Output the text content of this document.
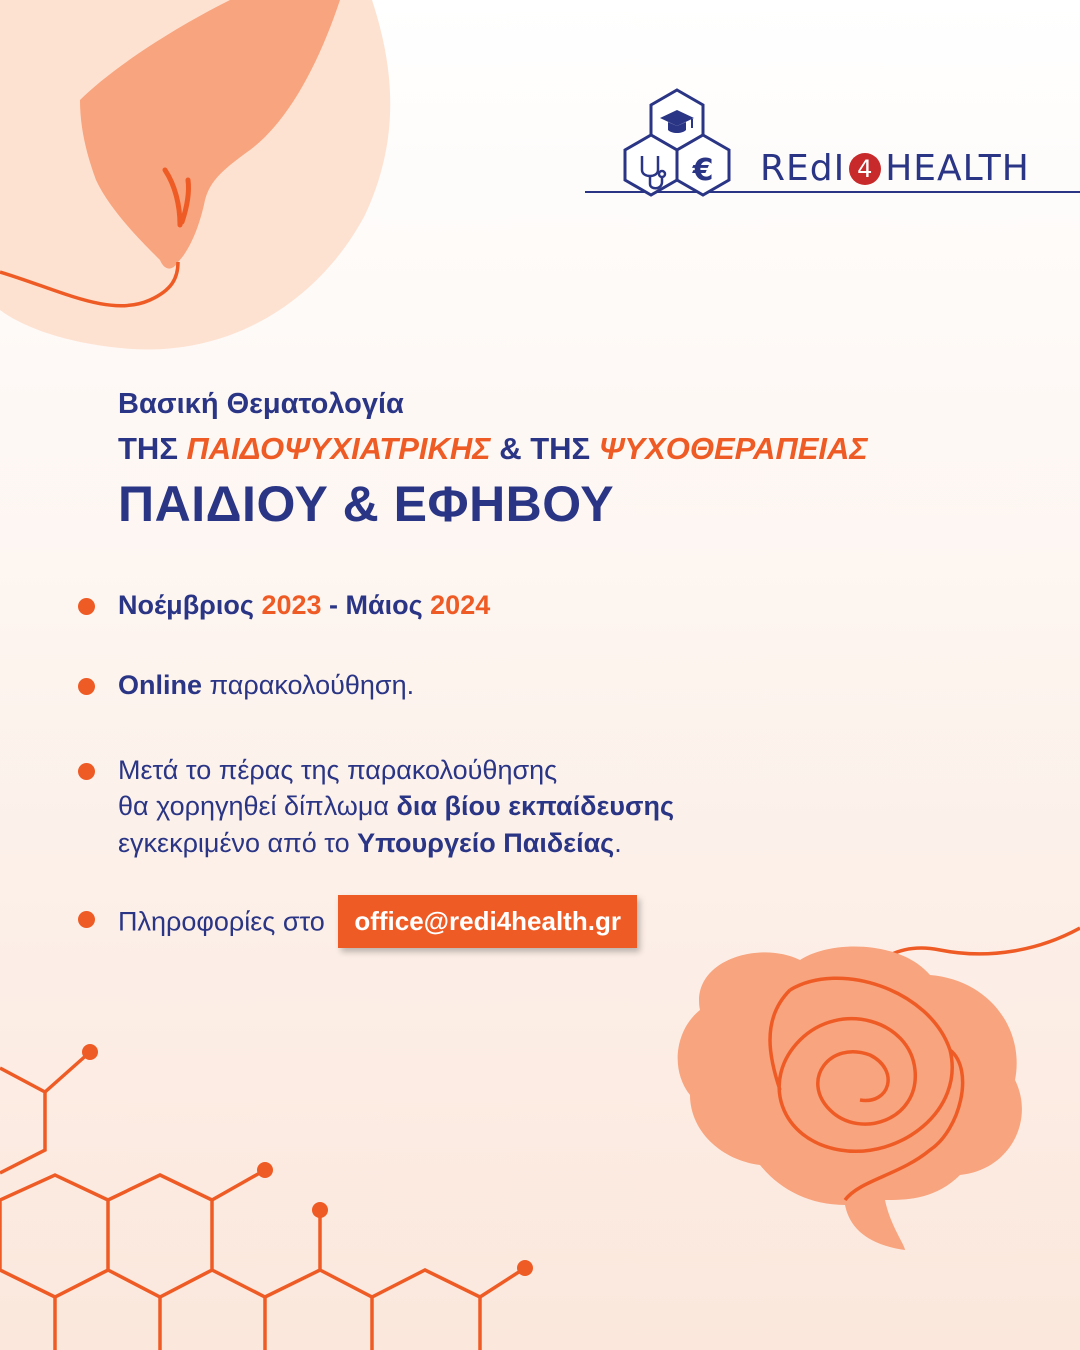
€ REdI 4 HEALTH
Βασική Θεματολογία
ΤΗΣ ΠΑΙΔΟΨΥΧΙΑΤΡΙΚΗΣ & ΤΗΣ ΨΥΧΟΘΕΡΑΠΕΙΑΣ
ΠΑΙΔΙΟΥ & ΕΦΗΒΟΥ
Νοέμβριος 2023 - Μάιος 2024
Online παρακολούθηση.
Μετά το πέρας της παρακολούθησης
θα χορηγηθεί δίπλωμα δια βίου εκπαίδευσης
εγκεκριμένο από το Υπουργείο Παιδείας.
Πληροφορίες στο office@redi4health.gr
